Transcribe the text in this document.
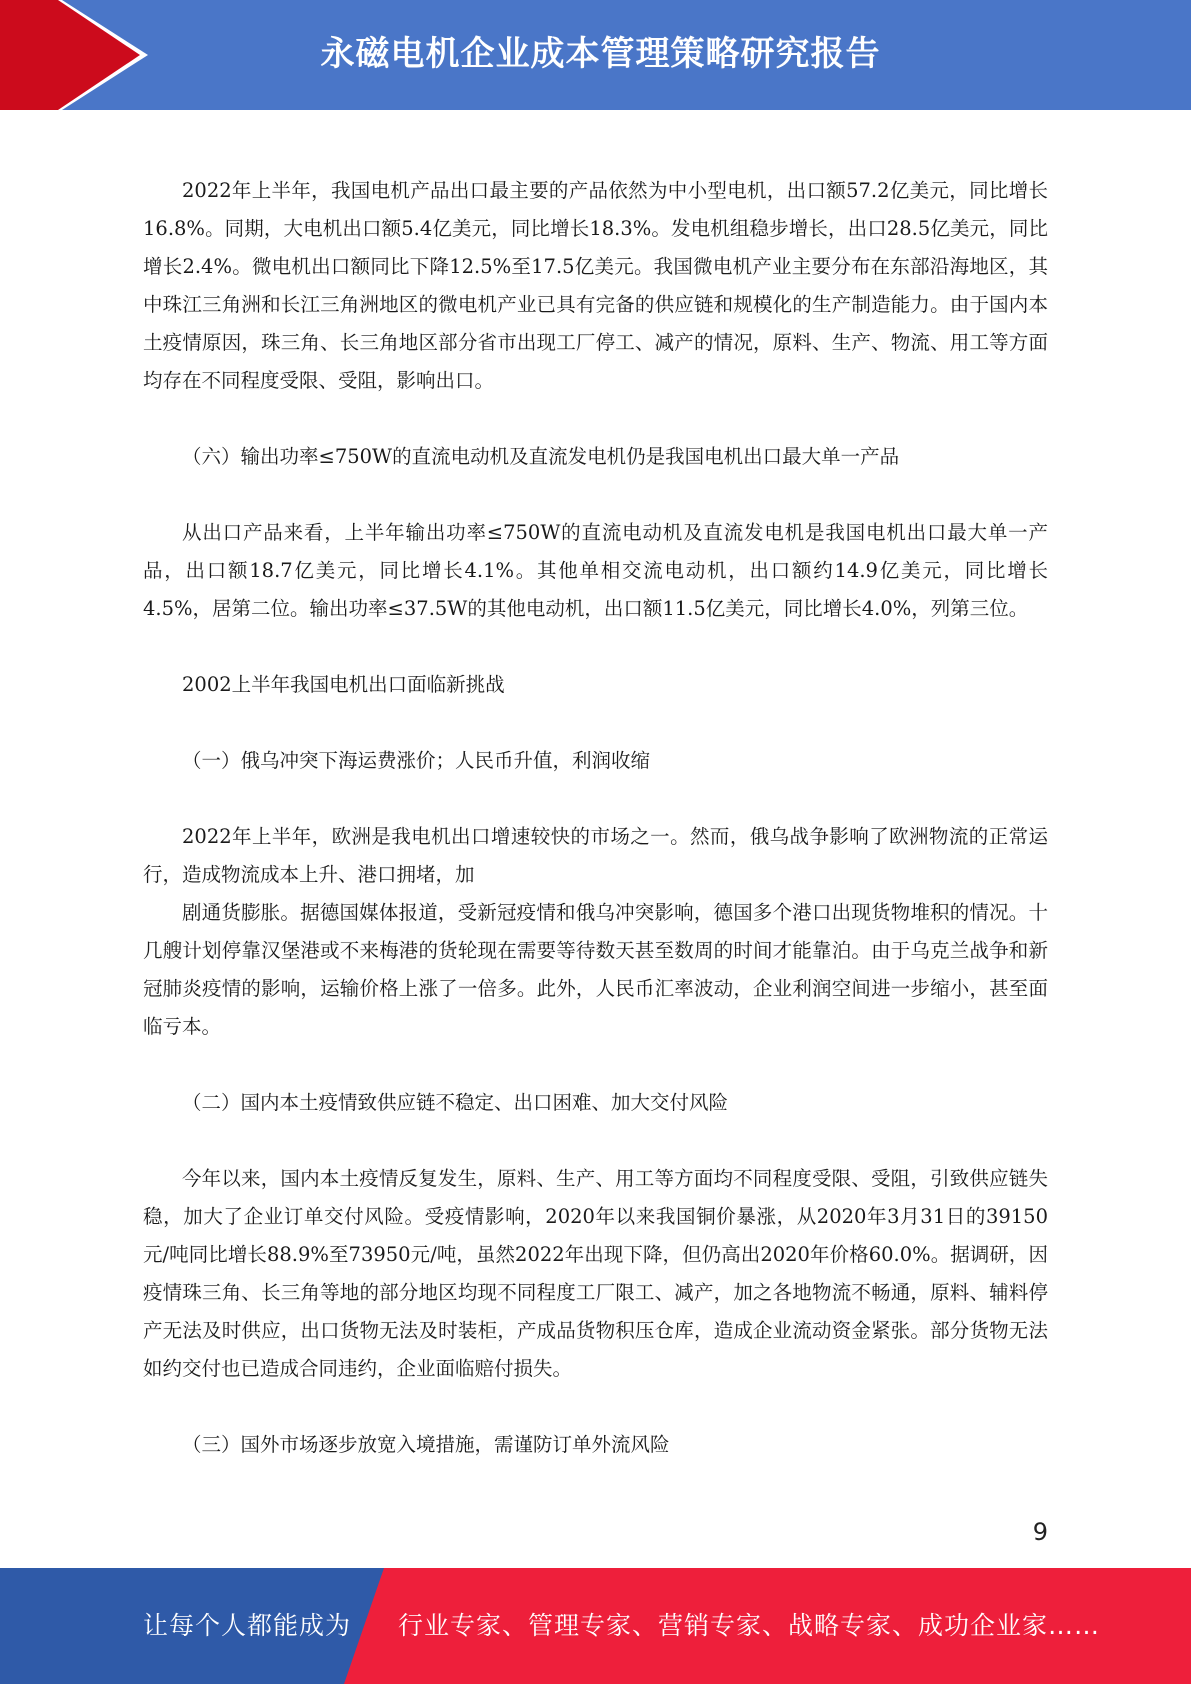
永磁电机企业成本管理策略研究报告

2022年上半年，我国电机产品出口最主要的产品依然为中小型电机，出口额57.2亿美元，同比增长16.8%。同期，大电机出口额5.4亿美元，同比增长18.3%。发电机组稳步增长，出口28.5亿美元，同比增长2.4%。微电机出口额同比下降12.5%至17.5亿美元。我国微电机产业主要分布在东部沿海地区，其中珠江三角洲和长江三角洲地区的微电机产业已具有完备的供应链和规模化的生产制造能力。由于国内本土疫情原因，珠三角、长三角地区部分省市出现工厂停工、减产的情况，原料、生产、物流、用工等方面均存在不同程度受限、受阻，影响出口。

（六）输出功率≤750W的直流电动机及直流发电机仍是我国电机出口最大单一产品

从出口产品来看，上半年输出功率≤750W的直流电动机及直流发电机是我国电机出口最大单一产品，出口额18.7亿美元，同比增长4.1%。其他单相交流电动机，出口额约14.9亿美元，同比增长4.5%，居第二位。输出功率≤37.5W的其他电动机，出口额11.5亿美元，同比增长4.0%，列第三位。

2002上半年我国电机出口面临新挑战

（一）俄乌冲突下海运费涨价；人民币升值，利润收缩

2022年上半年，欧洲是我电机出口增速较快的市场之一。然而，俄乌战争影响了欧洲物流的正常运行，造成物流成本上升、港口拥堵，加

剧通货膨胀。据德国媒体报道，受新冠疫情和俄乌冲突影响，德国多个港口出现货物堆积的情况。十几艘计划停靠汉堡港或不来梅港的货轮现在需要等待数天甚至数周的时间才能靠泊。由于乌克兰战争和新冠肺炎疫情的影响，运输价格上涨了一倍多。此外，人民币汇率波动，企业利润空间进一步缩小，甚至面临亏本。

（二）国内本土疫情致供应链不稳定、出口困难、加大交付风险

今年以来，国内本土疫情反复发生，原料、生产、用工等方面均不同程度受限、受阻，引致供应链失稳，加大了企业订单交付风险。受疫情影响，2020年以来我国铜价暴涨，从2020年3月31日的39150元/吨同比增长88.9%至73950元/吨，虽然2022年出现下降，但仍高出2020年价格60.0%。据调研，因疫情珠三角、长三角等地的部分地区均现不同程度工厂限工、减产，加之各地物流不畅通，原料、辅料停产无法及时供应，出口货物无法及时装柜，产成品货物积压仓库，造成企业流动资金紧张。部分货物无法如约交付也已造成合同违约，企业面临赔付损失。

（三）国外市场逐步放宽入境措施，需谨防订单外流风险

9
让每个人都能成为 行业专家、管理专家、营销专家、战略专家、成功企业家……
